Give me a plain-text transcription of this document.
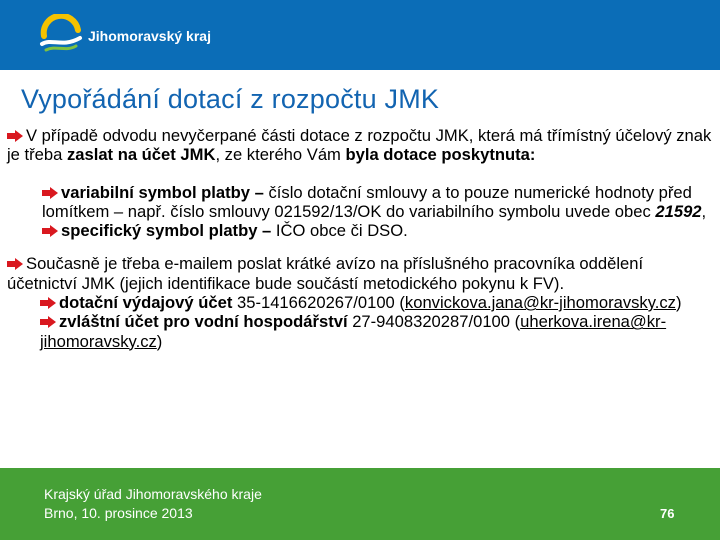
Jihomoravský kraj
Vypořádání dotací z rozpočtu JMK

V případě odvodu nevyčerpané části dotace z rozpočtu JMK, která má třímístný účelový znak je třeba zaslat na účet JMK, ze kterého Vám byla dotace poskytnuta:

variabilní symbol platby – číslo dotační smlouvy a to pouze numerické hodnoty před lomítkem – např. číslo smlouvy 021592/13/OK do variabilního symbolu uvede obec 21592,

specifický symbol platby – IČO obce či DSO.

Současně je třeba e-mailem poslat krátké avízo na příslušného pracovníka oddělení účetnictví JMK (jejich identifikace bude součástí metodického pokynu k FV).

dotační výdajový účet 35-1416620267/0100 (konvickova.jana@kr-jihomoravsky.cz)

zvláštní účet pro vodní hospodářství 27-9408320287/0100 (uherkova.irena@kr-jihomoravsky.cz)

Krajský úřad Jihomoravského kraje
Brno, 10. prosince 2013	76
